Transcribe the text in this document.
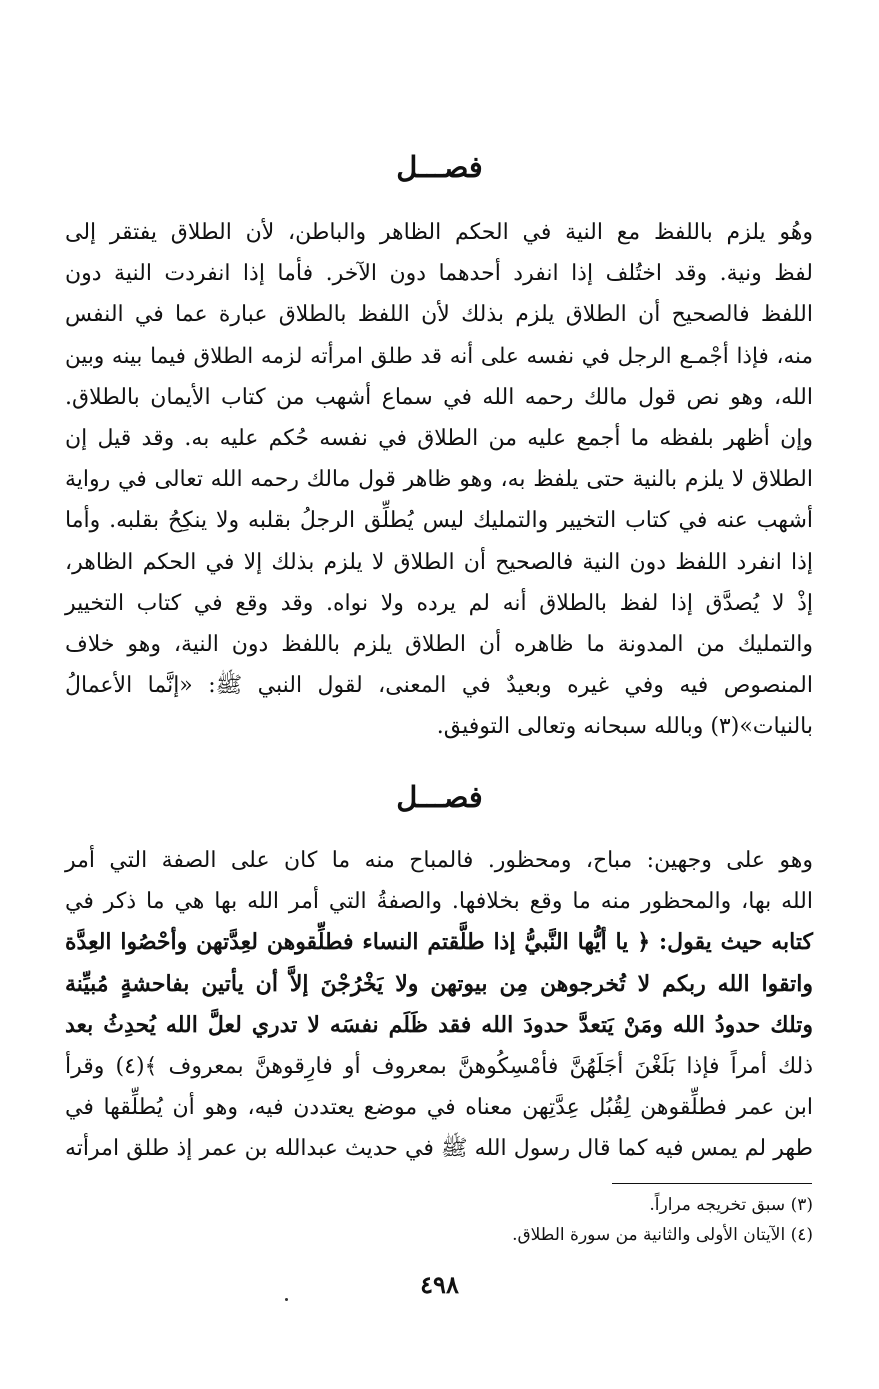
فصـــل
وهُو يلزم باللفظ مع النية في الحكم الظاهر والباطن، لأن الطلاق يفتقر إلى
لفظ ونية. وقد اختُلف إذا انفرد أحدهما دون الآخر. فأما إذا انفردت النية دون
اللفظ فالصحيح أن الطلاق يلزم بذلك لأن اللفظ بالطلاق عبارة عما في النفس
منه، فإذا أجْمـع الرجل في نفسه على أنه قد طلق امرأته لزمه الطلاق فيما بينه وبين
الله، وهو نص قول مالك رحمه الله في سماع أشهب من كتاب الأيمان بالطلاق.
وإن أظهر بلفظه ما أجمع عليه من الطلاق في نفسه حُكم عليه به. وقد قيل إن
الطلاق لا يلزم بالنية حتى يلفظ به، وهو ظاهر قول مالك رحمه الله تعالى في رواية
أشهب عنه في كتاب التخيير والتمليك ليس يُطلِّق الرجلُ بقلبه ولا ينكِحُ بقلبه. وأما
إذا انفرد اللفظ دون النية فالصحيح أن الطلاق لا يلزم بذلك إلا في الحكم الظاهر،
إذْ لا يُصدَّق إذا لفظ بالطلاق أنه لم يرده ولا نواه. وقد وقع في كتاب التخيير
والتمليك من المدونة ما ظاهره أن الطلاق يلزم باللفظ دون النية، وهو خلاف
المنصوص فيه وفي غيره وبعيدٌ في المعنى، لقول النبي ﷺ: «إنَّما الأعمالُ
بالنيات»(٣) وبالله سبحانه وتعالى التوفيق.
فصـــل
وهو على وجهين: مباح، ومحظور. فالمباح منه ما كان على الصفة التي أمر
الله بها، والمحظور منه ما وقع بخلافها. والصفةُ التي أمر الله بها هي ما ذكر في
كتابه حيث يقول: ﴿ يا أيُّها النَّبيُّ إذا طلَّقتم النساء فطلِّقوهن لعِدَّتهن وأحْصُوا العِدَّة
واتقوا الله ربكم لا تُخرجوهن مِن بيوتهن ولا يَخْرُجْنَ إلاَّ أن يأتين بفاحشةٍ مُبيِّنة
وتلك حدودُ الله ومَنْ يَتعدَّ حدودَ الله فقد ظَلَم نفسَه لا تدري لعلَّ الله يُحدِثُ بعد
ذلك أمراً فإذا بَلَغْنَ أجَلَهُنَّ فأمْسِكُوهنَّ بمعروف أو فارِقوهنَّ بمعروف ﴾(٤) وقرأ
ابن عمر فطلِّقوهن لِقُبُل عِدَّتِهن معناه في موضع يعتددن فيه، وهو أن يُطلِّقها في
طهر لم يمس فيه كما قال رسول الله ﷺ في حديث عبدالله بن عمر إذ طلق امرأته
(٣) سبق تخريجه مراراً.
(٤) الآيتان الأولى والثانية من سورة الطلاق.
٤٩٨
